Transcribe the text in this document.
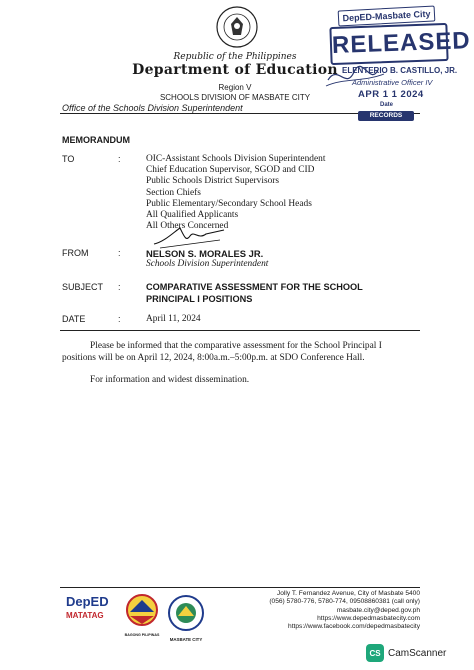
Republic of the Philippines
Department of Education
Region V
SCHOOLS DIVISION OF MASBATE CITY
Office of the Schools Division Superintendent
DepED-Masbate City
RELEASED
ELENTERIO B. CASTILLO, JR.
Administrative Officer IV
APR 1 1 2024
Date
RECORDS SECTION
MEMORANDUM
TO	:	OIC-Assistant Schools Division Superintendent
Chief Education Supervisor, SGOD and CID
Public Schools District Supervisors
Section Chiefs
Public Elementary/Secondary School Heads
All Qualified Applicants
All Others Concerned
FROM	:	NELSON S. MORALES JR.
Schools Division Superintendent
SUBJECT :	COMPARATIVE ASSESSMENT FOR THE SCHOOL PRINCIPAL I POSITIONS
DATE	:	April 11, 2024
Please be informed that the comparative assessment for the School Principal I positions will be on April 12, 2024, 8:00a.m.–5:00p.m. at SDO Conference Hall.
For information and widest dissemination.
DepED
MATATAG
BAGONG PILIPINAS
MASBATE CITY
Jolly T. Fernandez Avenue, City of Masbate 5400
(056) 5780-776, 5780-774, 09508860381 (call only)
masbate.city@deped.gov.ph
https://www.depedmasbatecity.com
https://www.facebook.com/depedmasbatecity
CS CamScanner
